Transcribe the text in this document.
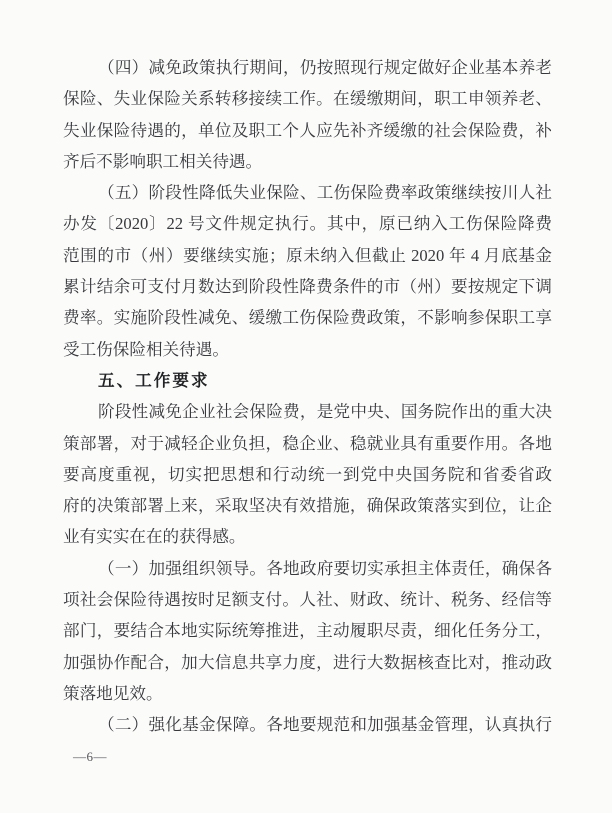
（四）减免政策执行期间，仍按照现行规定做好企业基本养老
保险、失业保险关系转移接续工作。在缓缴期间，职工申领养老、
失业保险待遇的，单位及职工个人应先补齐缓缴的社会保险费，补
齐后不影响职工相关待遇。
（五）阶段性降低失业保险、工伤保险费率政策继续按川人社
办发〔2020〕22 号文件规定执行。其中，原已纳入工伤保险降费
范围的市（州）要继续实施；原未纳入但截止 2020 年 4 月底基金
累计结余可支付月数达到阶段性降费条件的市（州）要按规定下调
费率。实施阶段性减免、缓缴工伤保险费政策，不影响参保职工享
受工伤保险相关待遇。
五、工作要求
阶段性减免企业社会保险费，是党中央、国务院作出的重大决
策部署，对于减轻企业负担，稳企业、稳就业具有重要作用。各地
要高度重视，切实把思想和行动统一到党中央国务院和省委省政
府的决策部署上来，采取坚决有效措施，确保政策落实到位，让企
业有实实在在的获得感。
（一）加强组织领导。各地政府要切实承担主体责任，确保各
项社会保险待遇按时足额支付。人社、财政、统计、税务、经信等
部门，要结合本地实际统筹推进，主动履职尽责，细化任务分工，
加强协作配合，加大信息共享力度，进行大数据核查比对，推动政
策落地见效。
（二）强化基金保障。各地要规范和加强基金管理，认真执行
—6—
